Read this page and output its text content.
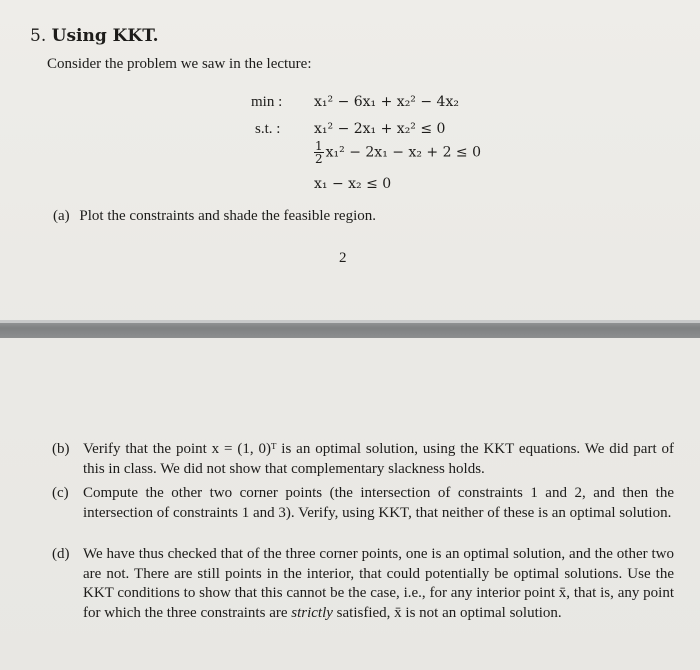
5. Using KKT.
Consider the problem we saw in the lecture:
min :
s.t. :
x₁² − 6x₁ + x₂² − 4x₂
x₁² − 2x₁ + x₂² ≤ 0
$\frac{1}{2} x_1^2 - 2x_1 - x_2 + 2 \le 0$
x₁ − x₂ ≤ 0
(a) Plot the constraints and shade the feasible region.
2
(b) Verify that the point x = (1, 0)ᵀ is an optimal solution, using the KKT equations. We did part of this in class. We did not show that complementary slackness holds.
(c) Compute the other two corner points (the intersection of constraints 1 and 2, and then the intersection of constraints 1 and 3). Verify, using KKT, that neither of these is an optimal solution.
(d) We have thus checked that of the three corner points, one is an optimal solution, and the other two are not. There are still points in the interior, that could potentially be optimal solutions. Use the KKT conditions to show that this cannot be the case, i.e., for any interior point x̄, that is, any point for which the three constraints are strictly satisfied, x̄ is not an optimal solution.
